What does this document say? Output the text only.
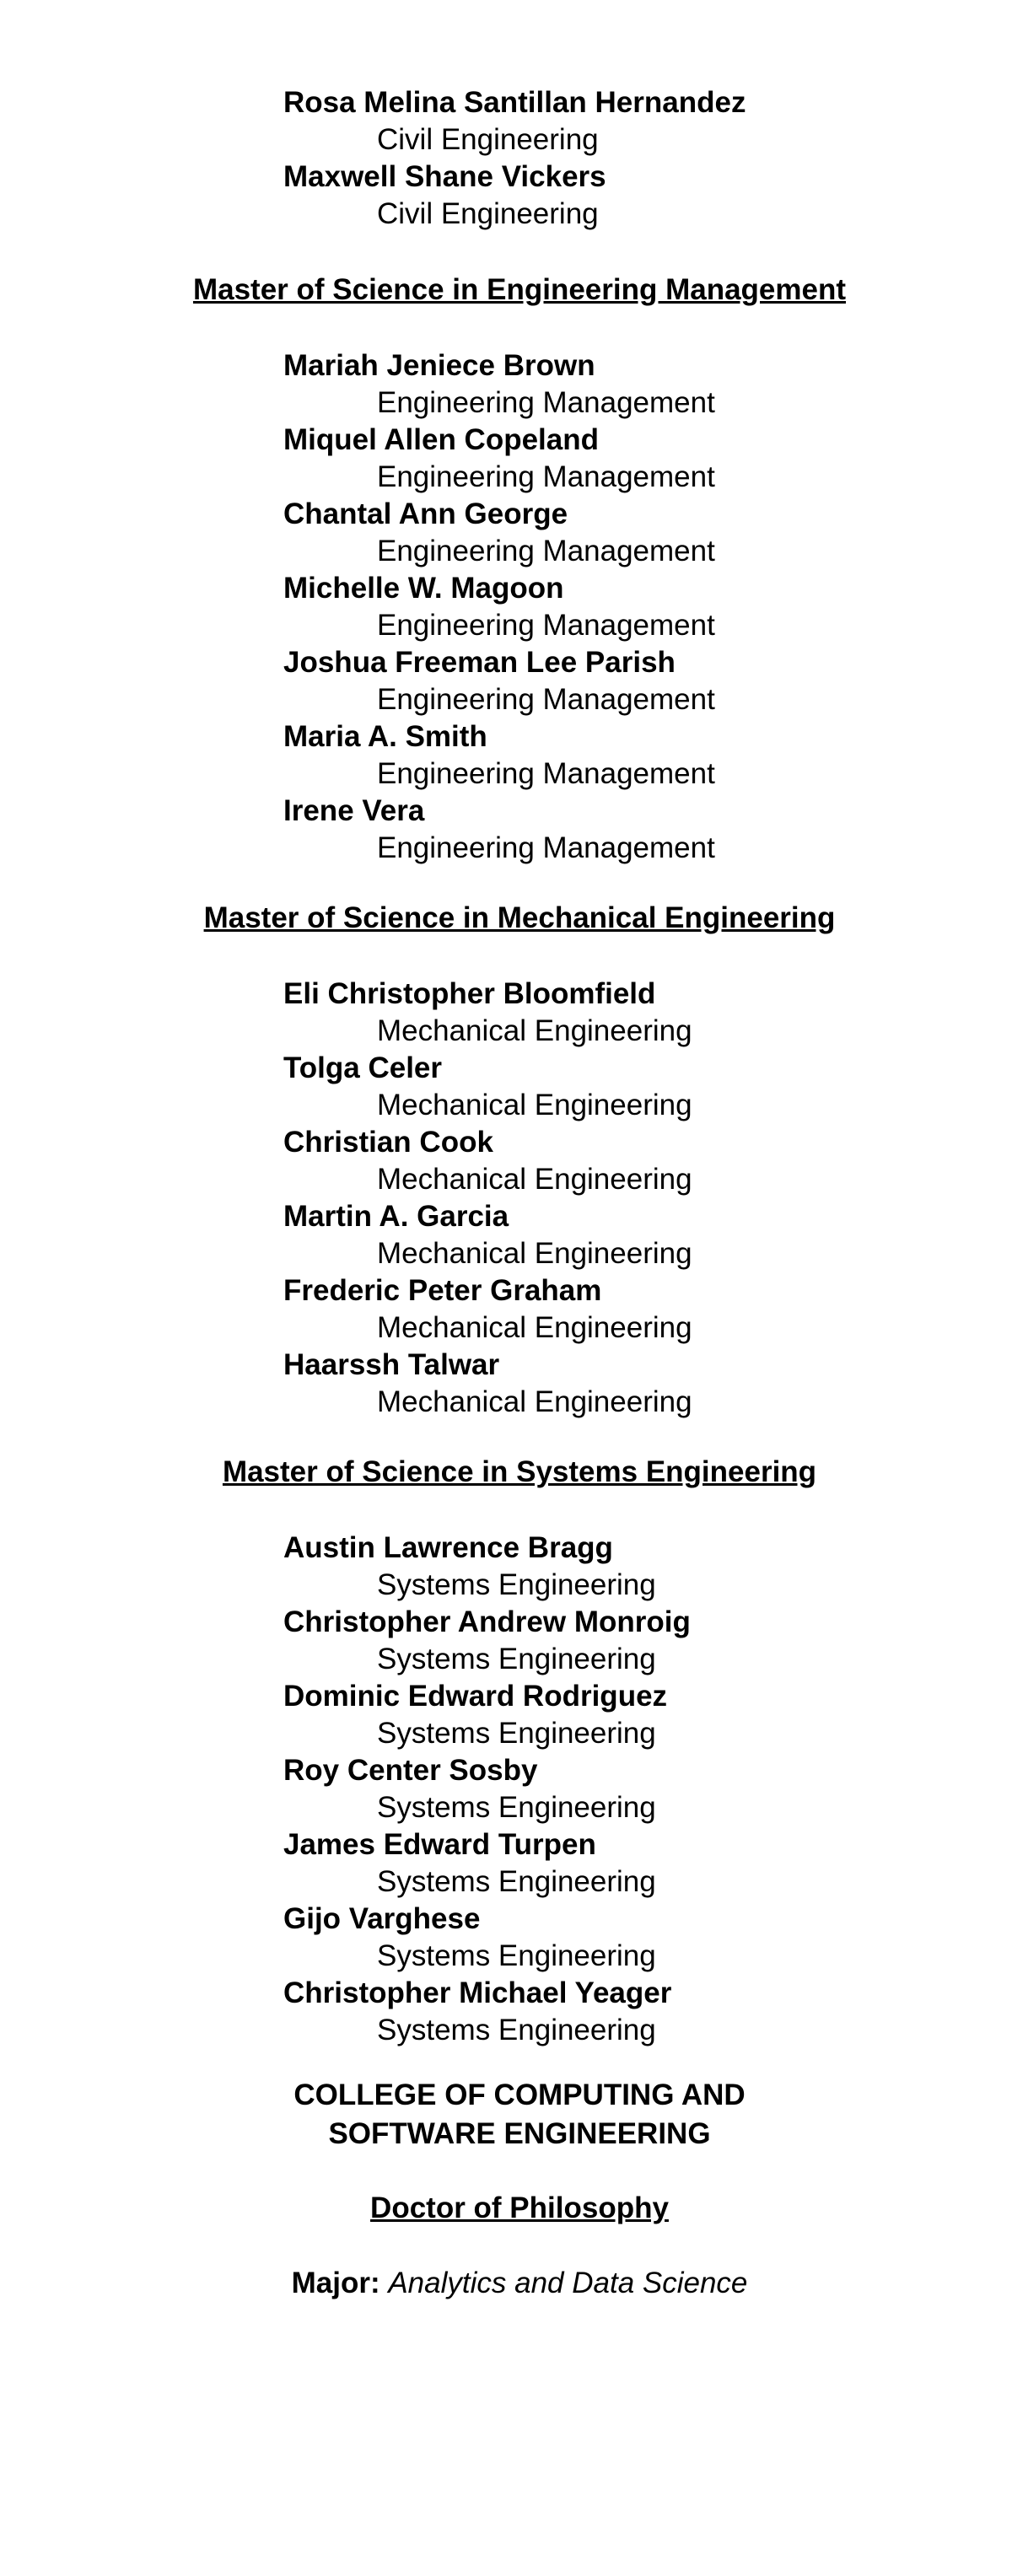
Rosa Melina Santillan Hernandez
Civil Engineering
Maxwell Shane Vickers
Civil Engineering
Master of Science in Engineering Management
Mariah Jeniece Brown
Engineering Management
Miquel Allen Copeland
Engineering Management
Chantal Ann George
Engineering Management
Michelle W. Magoon
Engineering Management
Joshua Freeman Lee Parish
Engineering Management
Maria A. Smith
Engineering Management
Irene Vera
Engineering Management
Master of Science in Mechanical Engineering
Eli Christopher Bloomfield
Mechanical Engineering
Tolga Celer
Mechanical Engineering
Christian Cook
Mechanical Engineering
Martin A. Garcia
Mechanical Engineering
Frederic Peter Graham
Mechanical Engineering
Haarssh Talwar
Mechanical Engineering
Master of Science in Systems Engineering
Austin Lawrence Bragg
Systems Engineering
Christopher Andrew Monroig
Systems Engineering
Dominic Edward Rodriguez
Systems Engineering
Roy Center Sosby
Systems Engineering
James Edward Turpen
Systems Engineering
Gijo Varghese
Systems Engineering
Christopher Michael Yeager
Systems Engineering
COLLEGE OF COMPUTING AND
SOFTWARE ENGINEERING
Doctor of Philosophy
Major: Analytics and Data Science
